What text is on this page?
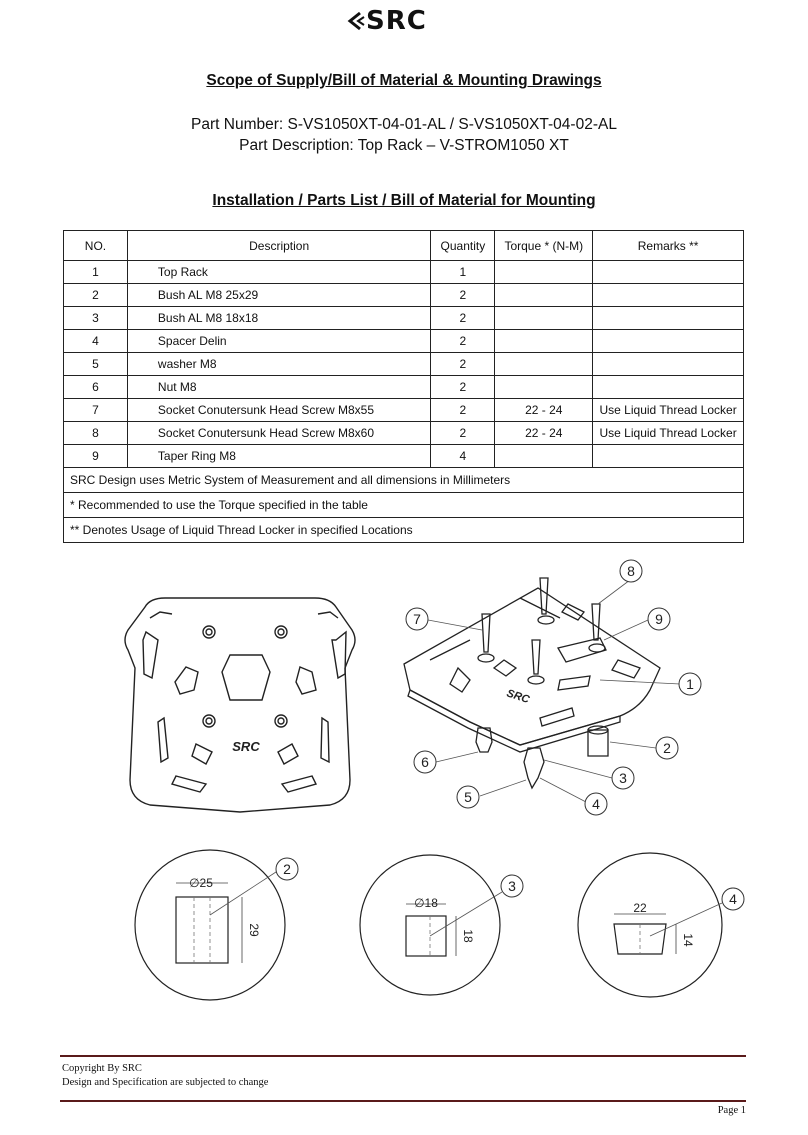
SRC
Scope of Supply/Bill of Material & Mounting Drawings
Part Number: S-VS1050XT-04-01-AL / S-VS1050XT-04-02-AL
Part Description: Top Rack – V-STROM1050 XT
Installation / Parts List / Bill of Material for Mounting
NO.	Description	Quantity	Torque * (N-M)	Remarks **
1	Top Rack	1		
2	Bush AL M8 25x29	2		
3	Bush AL M8 18x18	2		
4	Spacer Delin	2		
5	washer M8	2		
6	Nut M8	2		
7	Socket Conutersunk Head Screw M8x55	2	22 - 24	Use Liquid Thread Locker
8	Socket Conutersunk Head Screw M8x60	2	22 - 24	Use Liquid Thread Locker
9	Taper Ring M8	4		
SRC Design uses Metric System of Measurement and all dimensions in Millimeters				
* Recommended to use the Torque specified in the table				
** Denotes Usage of Liquid Thread Locker in specified Locations				
SRC
SRC
1
2
3
4
5
6
7
8
9
2
∅25
29
3
∅18
18
4
22
14
Copyright By SRC
Design and Specification are subjected to change
Page 1
